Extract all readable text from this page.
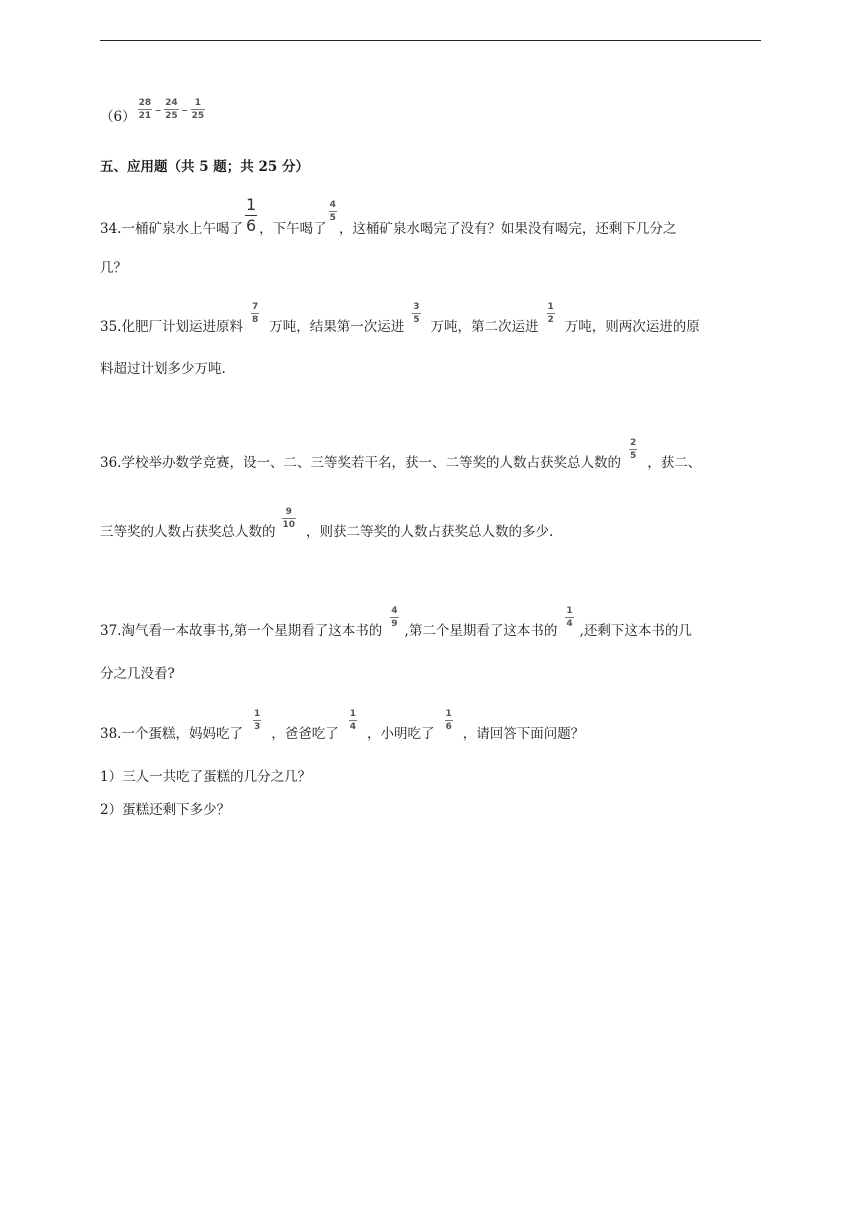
$(6) \frac{28}{21} - \frac{24}{25} - \frac{1}{25}$
五、应用题（共 5 题；共 25 分）
34.一桶矿泉水上午喝了 $\frac{1}{6}$ ，下午喝了
$\frac{4}{5}$
，这桶矿泉水喝完了没有？如果没有喝完，还剩下几分之
几？
35.化肥厂计划运进原料
$\frac{7}{8}$
万吨，结果第一次运进
$\frac{3}{5}$
万吨，第二次运进
$\frac{1}{2}$
万吨，则两次运进的原
料超过计划多少万吨.
36.学校举办数学竞赛，设一、二、三等奖若干名，获一、二等奖的人数占获奖总人数的
$\frac{2}{5}$
，获二、
三等奖的人数占获奖总人数的
$\frac{9}{10}$
，则获二等奖的人数占获奖总人数的多少.
37.淘气看一本故事书,第一个星期看了这本书的
$\frac{4}{9}$
,第二个星期看了这本书的
$\frac{1}{4}$
,还剩下这本书的几
分之几没看?
38.一个蛋糕，妈妈吃了
$\frac{1}{3}$
，爸爸吃了
$\frac{1}{4}$
，小明吃了
$\frac{1}{6}$
，请回答下面问题？
1）三人一共吃了蛋糕的几分之几？
2）蛋糕还剩下多少？
